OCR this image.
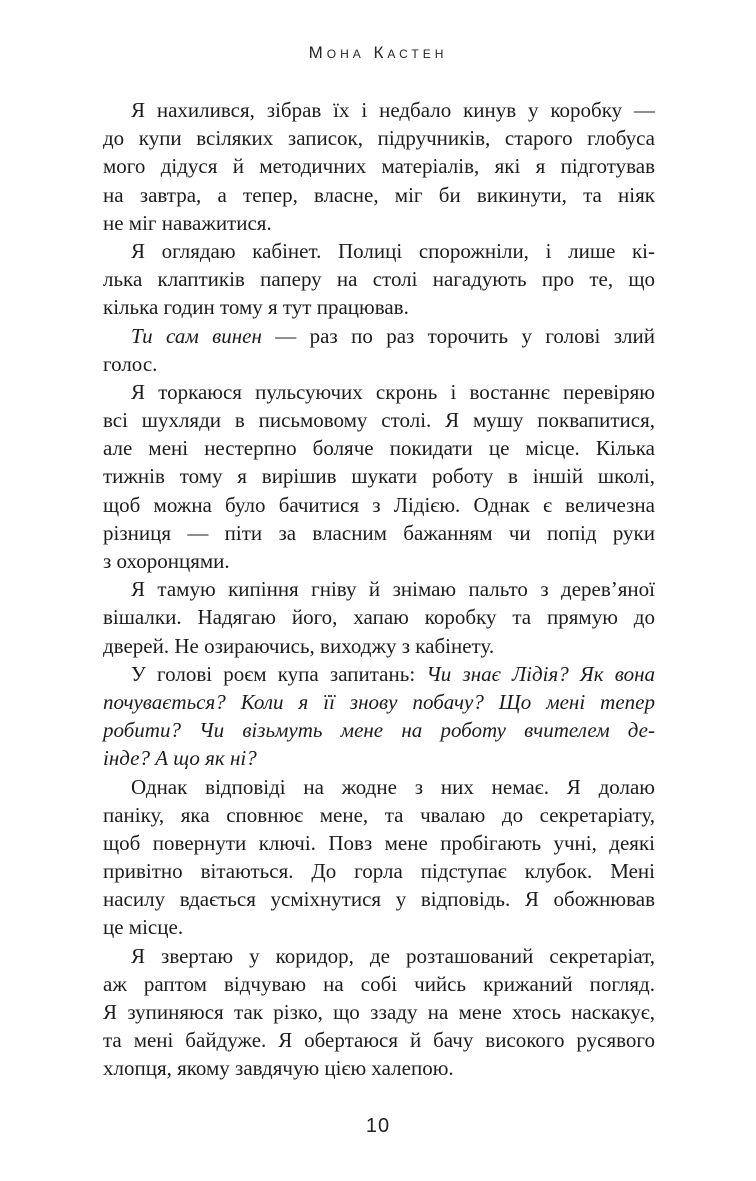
Мона Кастен
Я нахилився, зібрав їх і недбало кинув у коробку —
до купи всіляких записок, підручників, старого глобуса
мого дідуся й методичних матеріалів, які я підготував
на завтра, а тепер, власне, міг би викинути, та ніяк
не міг наважитися.
Я оглядаю кабінет. Полиці спорожніли, і лише кі-
лька клаптиків паперу на столі нагадують про те, що
кілька годин тому я тут працював.
Ти сам винен — раз по раз торочить у голові злий
голос.
Я торкаюся пульсуючих скронь і востаннє перевіряю
всі шухляди в письмовому столі. Я мушу поквапитися,
але мені нестерпно боляче покидати це місце. Кілька
тижнів тому я вирішив шукати роботу в іншій школі,
щоб можна було бачитися з Лідією. Однак є величезна
різниця — піти за власним бажанням чи попід руки
з охоронцями.
Я тамую кипіння гніву й знімаю пальто з дерев’яної
вішалки. Надягаю його, хапаю коробку та прямую до
дверей. Не озираючись, виходжу з кабінету.
У голові роєм купа запитань: Чи знає Лідія? Як вона
почувається? Коли я її знову побачу? Що мені тепер
робити? Чи візьмуть мене на роботу вчителем де-
інде? А що як ні?
Однак відповіді на жодне з них немає. Я долаю
паніку, яка сповнює мене, та чвалаю до секретаріату,
щоб повернути ключі. Повз мене пробігають учні, деякі
привітно вітаються. До горла підступає клубок. Мені
насилу вдається усміхнутися у відповідь. Я обожнював
це місце.
Я звертаю у коридор, де розташований секретаріат,
аж раптом відчуваю на собі чийсь крижаний погляд.
Я зупиняюся так різко, що ззаду на мене хтось наскакує,
та мені байдуже. Я обертаюся й бачу високого русявого
хлопця, якому завдячую цією халепою.
10
